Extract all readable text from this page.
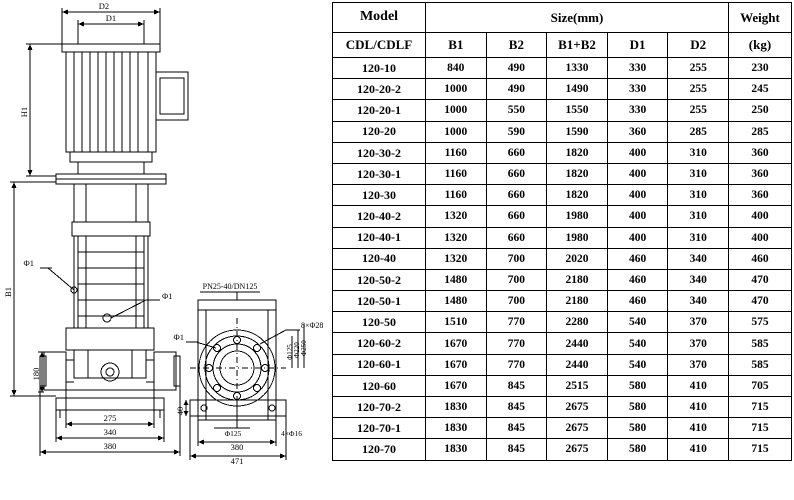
D2
D1
H1
B1
180
275
340
380
Φ1
Φ1
PN25-40/DN125
8×Φ28
Φ1
Φ125 Φ220 Φ250
40
Φ125
380
471
4×Φ16
Model	Size(mm)					Weight
CDL/CDLF	B1	B2	B1+B2	D1	D2	(kg)
120-10	840	490	1330	330	255	230
120-20-2	1000	490	1490	330	255	245
120-20-1	1000	550	1550	330	255	250
120-20	1000	590	1590	360	285	285
120-30-2	1160	660	1820	400	310	360
120-30-1	1160	660	1820	400	310	360
120-30	1160	660	1820	400	310	360
120-40-2	1320	660	1980	400	310	400
120-40-1	1320	660	1980	400	310	400
120-40	1320	700	2020	460	340	460
120-50-2	1480	700	2180	460	340	470
120-50-1	1480	700	2180	460	340	470
120-50	1510	770	2280	540	370	575
120-60-2	1670	770	2440	540	370	585
120-60-1	1670	770	2440	540	370	585
120-60	1670	845	2515	580	410	705
120-70-2	1830	845	2675	580	410	715
120-70-1	1830	845	2675	580	410	715
120-70	1830	845	2675	580	410	715
